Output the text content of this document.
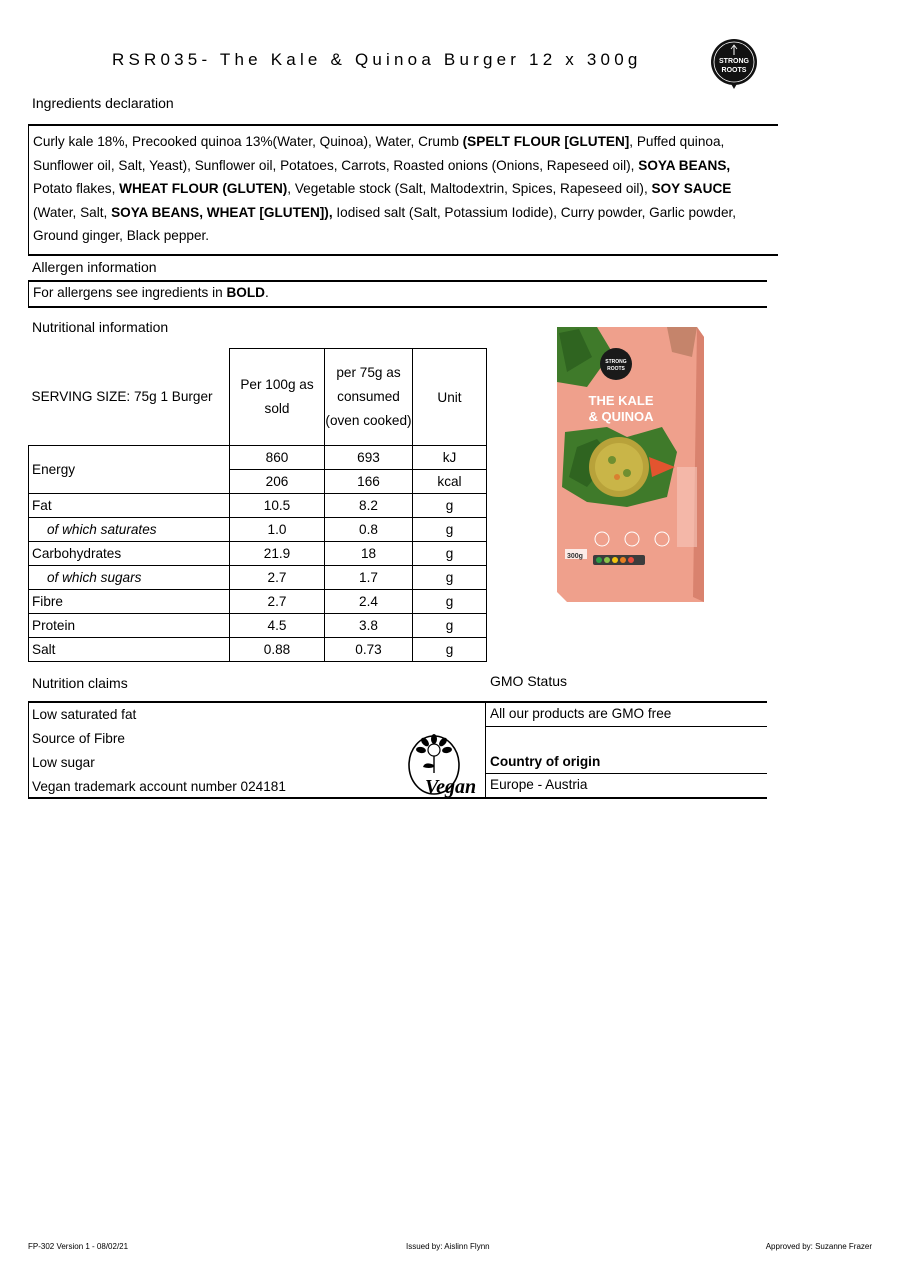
RSR035- The Kale & Quinoa Burger 12 x 300g	STRONG
ROOTS
Ingredients declaration
Curly kale 18%, Precooked quinoa 13%(Water, Quinoa), Water, Crumb (SPELT FLOUR [GLUTEN], Puffed quinoa, Sunflower oil, Salt, Yeast), Sunflower oil, Potatoes, Carrots, Roasted onions (Onions, Rapeseed oil), SOYA BEANS, Potato flakes, WHEAT FLOUR (GLUTEN), Vegetable stock (Salt, Maltodextrin, Spices, Rapeseed oil), SOY SAUCE (Water, Salt, SOYA BEANS, WHEAT [GLUTEN]), Iodised salt (Salt, Potassium Iodide), Curry powder, Garlic powder, Ground ginger, Black pepper.
Allergen information
For allergens see ingredients in BOLD.
Nutritional information
SERVING SIZE: 75g 1 Burger	Per 100g as sold	per 75g as consumed (oven cooked)	Unit
Energy	860	693	kJ
	206	166	kcal
Fat	10.5	8.2	g
of which saturates	1.0	0.8	g
Carbohydrates	21.9	18	g
of which sugars	2.7	1.7	g
Fibre	2.7	2.4	g
Protein	4.5	3.8	g
Salt	0.88	0.73	g
STRONG
ROOTS
THE KALE
& QUINOA
300g
Nutrition claims
Low saturated fat
Source of Fibre
Low sugar
Vegan trademark account number 024181	Vegan
GMO Status
All our products are GMO free
Country of origin
Europe - Austria
FP-302 Version 1 - 08/02/21	Issued by: Aislinn Flynn	Approved by: Suzanne Frazer
